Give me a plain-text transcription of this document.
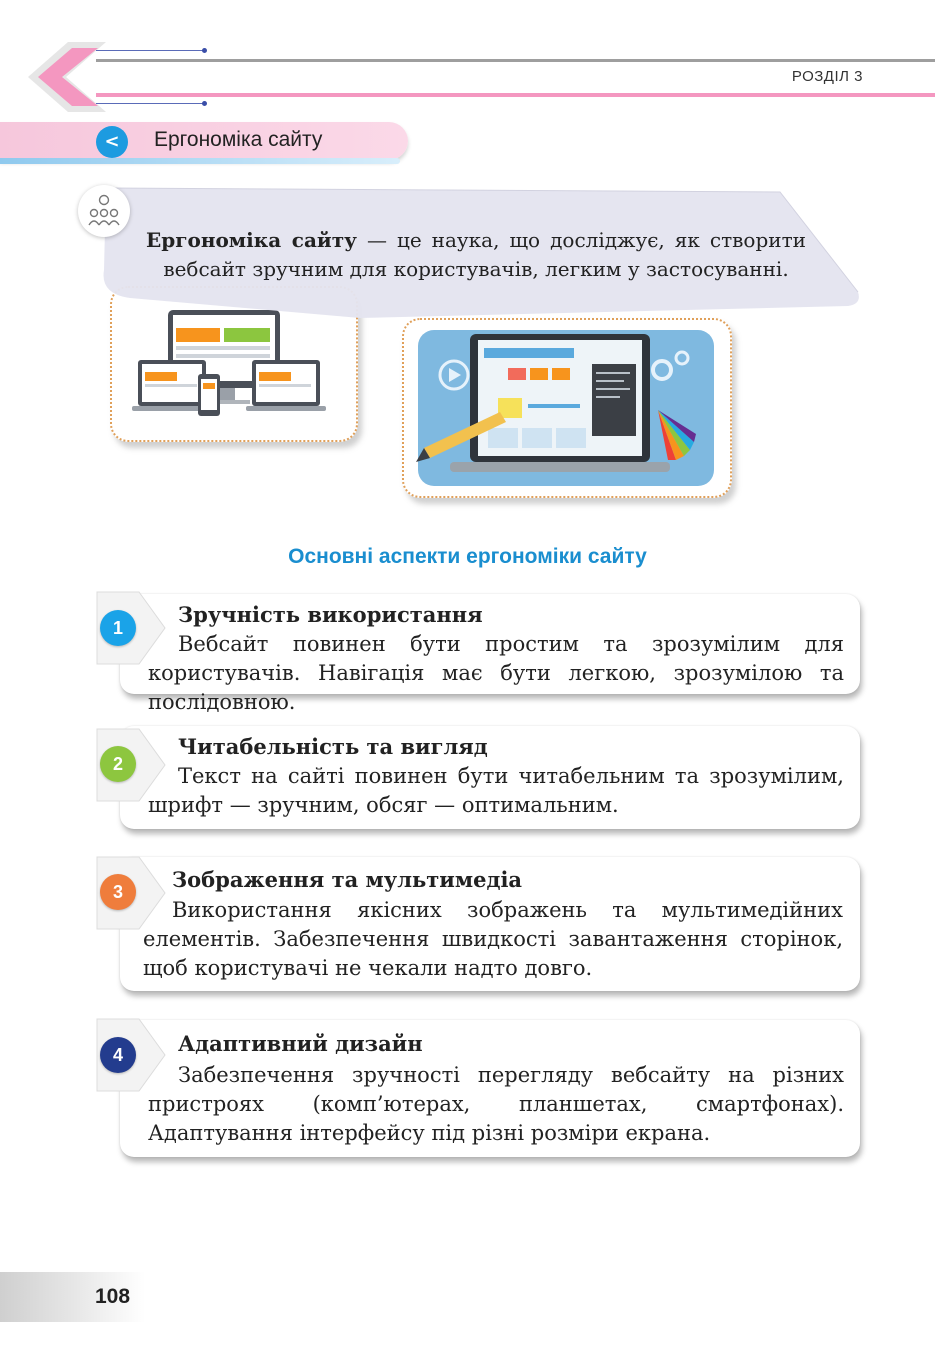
РОЗДІЛ 3
<	Ергономіка сайту
Ергономіка сайту — це наука, що досліджує, як створити вебсайт зручним для користувачів, легким у застосуванні.
Основні аспекти ергономіки сайту
1
Зручність використання
Вебсайт повинен бути простим та зрозумілим для користувачів. Навігація має бути легкою, зрозумілою та послідовною.
2
Читабельність та вигляд
Текст на сайті повинен бути читабельним та зрозумілим, шрифт — зручним, обсяг — оптимальним.
3	Зображення та мультимедіа
Використання якісних зображень та мультимедійних елементів. Забезпечення швидкості завантаження сторінок, щоб користувачі не чекали надто довго.
4	Адаптивний дизайн
Забезпечення зручності перегляду вебсайту на різних пристроях (комп’ютерах, планшетах, смартфонах). Адаптування інтерфейсу під різні розміри екрана.
108
